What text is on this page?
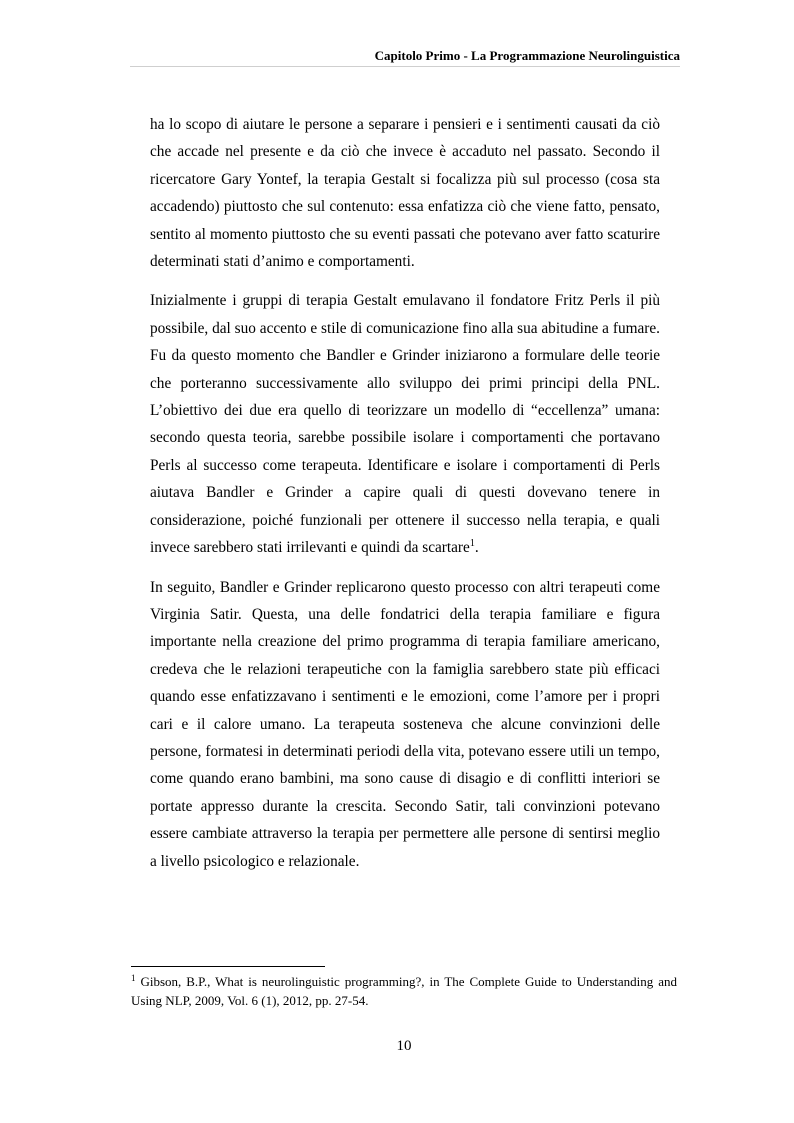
Capitolo Primo - La Programmazione Neurolinguistica

ha lo scopo di aiutare le persone a separare i pensieri e i sentimenti causati da ciò che accade nel presente e da ciò che invece è accaduto nel passato. Secondo il ricercatore Gary Yontef, la terapia Gestalt si focalizza più sul processo (cosa sta accadendo) piuttosto che sul contenuto: essa enfatizza ciò che viene fatto, pensato, sentito al momento piuttosto che su eventi passati che potevano aver fatto scaturire determinati stati d’animo e comportamenti.

Inizialmente i gruppi di terapia Gestalt emulavano il fondatore Fritz Perls il più possibile, dal suo accento e stile di comunicazione fino alla sua abitudine a fumare. Fu da questo momento che Bandler e Grinder iniziarono a formulare delle teorie che porteranno successivamente allo sviluppo dei primi principi della PNL. L’obiettivo dei due era quello di teorizzare un modello di “eccellenza” umana: secondo questa teoria, sarebbe possibile isolare i comportamenti che portavano Perls al successo come terapeuta. Identificare e isolare i comportamenti di Perls aiutava Bandler e Grinder a capire quali di questi dovevano tenere in considerazione, poiché funzionali per ottenere il successo nella terapia, e quali invece sarebbero stati irrilevanti e quindi da scartare$^1$.

In seguito, Bandler e Grinder replicarono questo processo con altri terapeuti come Virginia Satir. Questa, una delle fondatrici della terapia familiare e figura importante nella creazione del primo programma di terapia familiare americano, credeva che le relazioni terapeutiche con la famiglia sarebbero state più efficaci quando esse enfatizzavano i sentimenti e le emozioni, come l’amore per i propri cari e il calore umano. La terapeuta sosteneva che alcune convinzioni delle persone, formatesi in determinati periodi della vita, potevano essere utili un tempo, come quando erano bambini, ma sono cause di disagio e di conflitti interiori se portate appresso durante la crescita. Secondo Satir, tali convinzioni potevano essere cambiate attraverso la terapia per permettere alle persone di sentirsi meglio a livello psicologico e relazionale.

$^1$ Gibson, B.P., What is neurolinguistic programming?, in The Complete Guide to Understanding and Using NLP, 2009, Vol. 6 (1), 2012, pp. 27-54.
10
